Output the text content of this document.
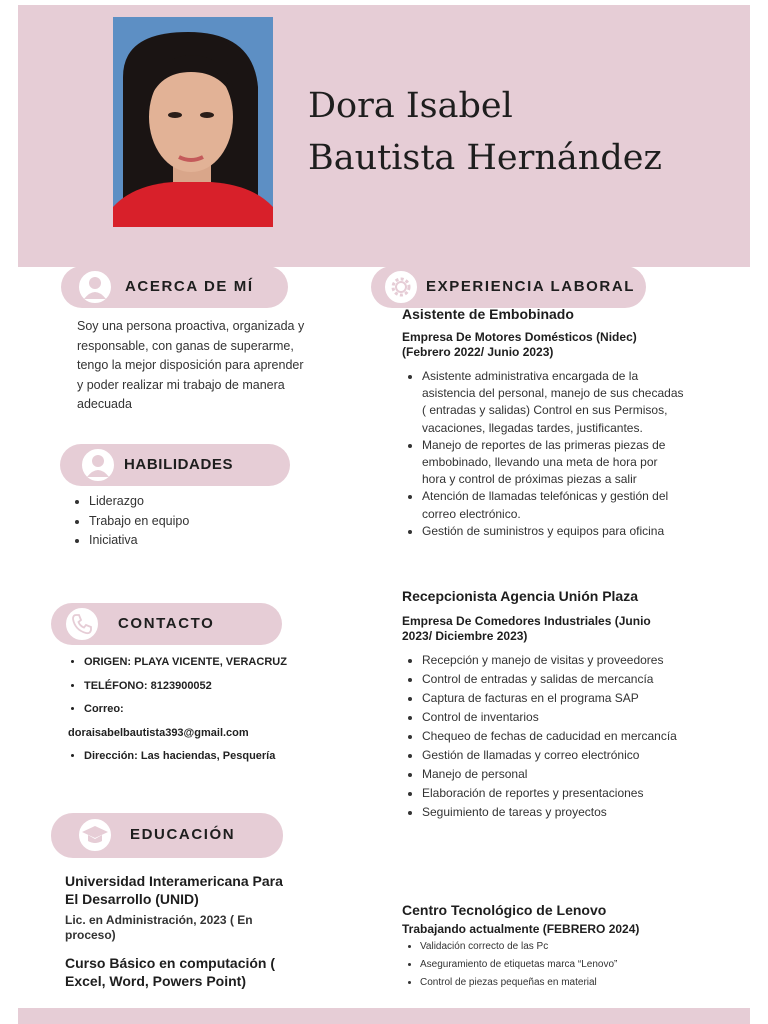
Dora Isabel
Bautista Hernández
ACERCA DE MÍ

Soy una persona proactiva, organizada y responsable, con ganas de superarme, tengo la mejor disposición para aprender y poder realizar mi trabajo de manera adecuada

HABILIDADES
• Liderazgo
• Trabajo en equipo
• Iniciativa
CONTACTO
• ORIGEN: PLAYA VICENTE, VERACRUZ
• TELÉFONO: 8123900052
• Correo:
doraisabelbautista393@gmail.com
• Dirección: Las haciendas, Pesquería
EDUCACIÓN
Universidad Interamericana Para El Desarrollo (UNID)
Lic. en Administración, 2023 ( En proceso)
Curso Básico en computación ( Excel, Word, Powers Point)
EXPERIENCIA LABORAL
Asistente de Embobinado
Empresa De Motores Domésticos (Nidec) (Febrero 2022/ Junio 2023)
• Asistente administrativa encargada de la asistencia del personal, manejo de sus checadas ( entradas y salidas) Control en sus Permisos, vacaciones, llegadas tardes, justificantes.
• Manejo de reportes de las primeras piezas de embobinado, llevando una meta de hora por hora y control de próximas piezas a salir
• Atención de llamadas telefónicas y gestión del correo electrónico.
• Gestión de suministros y equipos para oficina
Recepcionista Agencia Unión Plaza
Empresa De Comedores Industriales (Junio 2023/ Diciembre 2023)
• Recepción y manejo de visitas y proveedores
• Control de entradas y salidas de mercancía
• Captura de facturas en el programa SAP
• Control de inventarios
• Chequeo de fechas de caducidad en mercancía
• Gestión de llamadas y correo electrónico
• Manejo de personal
• Elaboración de reportes y presentaciones
• Seguimiento de tareas y proyectos
Centro Tecnológico de Lenovo
Trabajando actualmente (FEBRERO 2024)
• Validación correcto de las Pc
• Aseguramiento de etiquetas marca “Lenovo”
• Control de piezas pequeñas en material
